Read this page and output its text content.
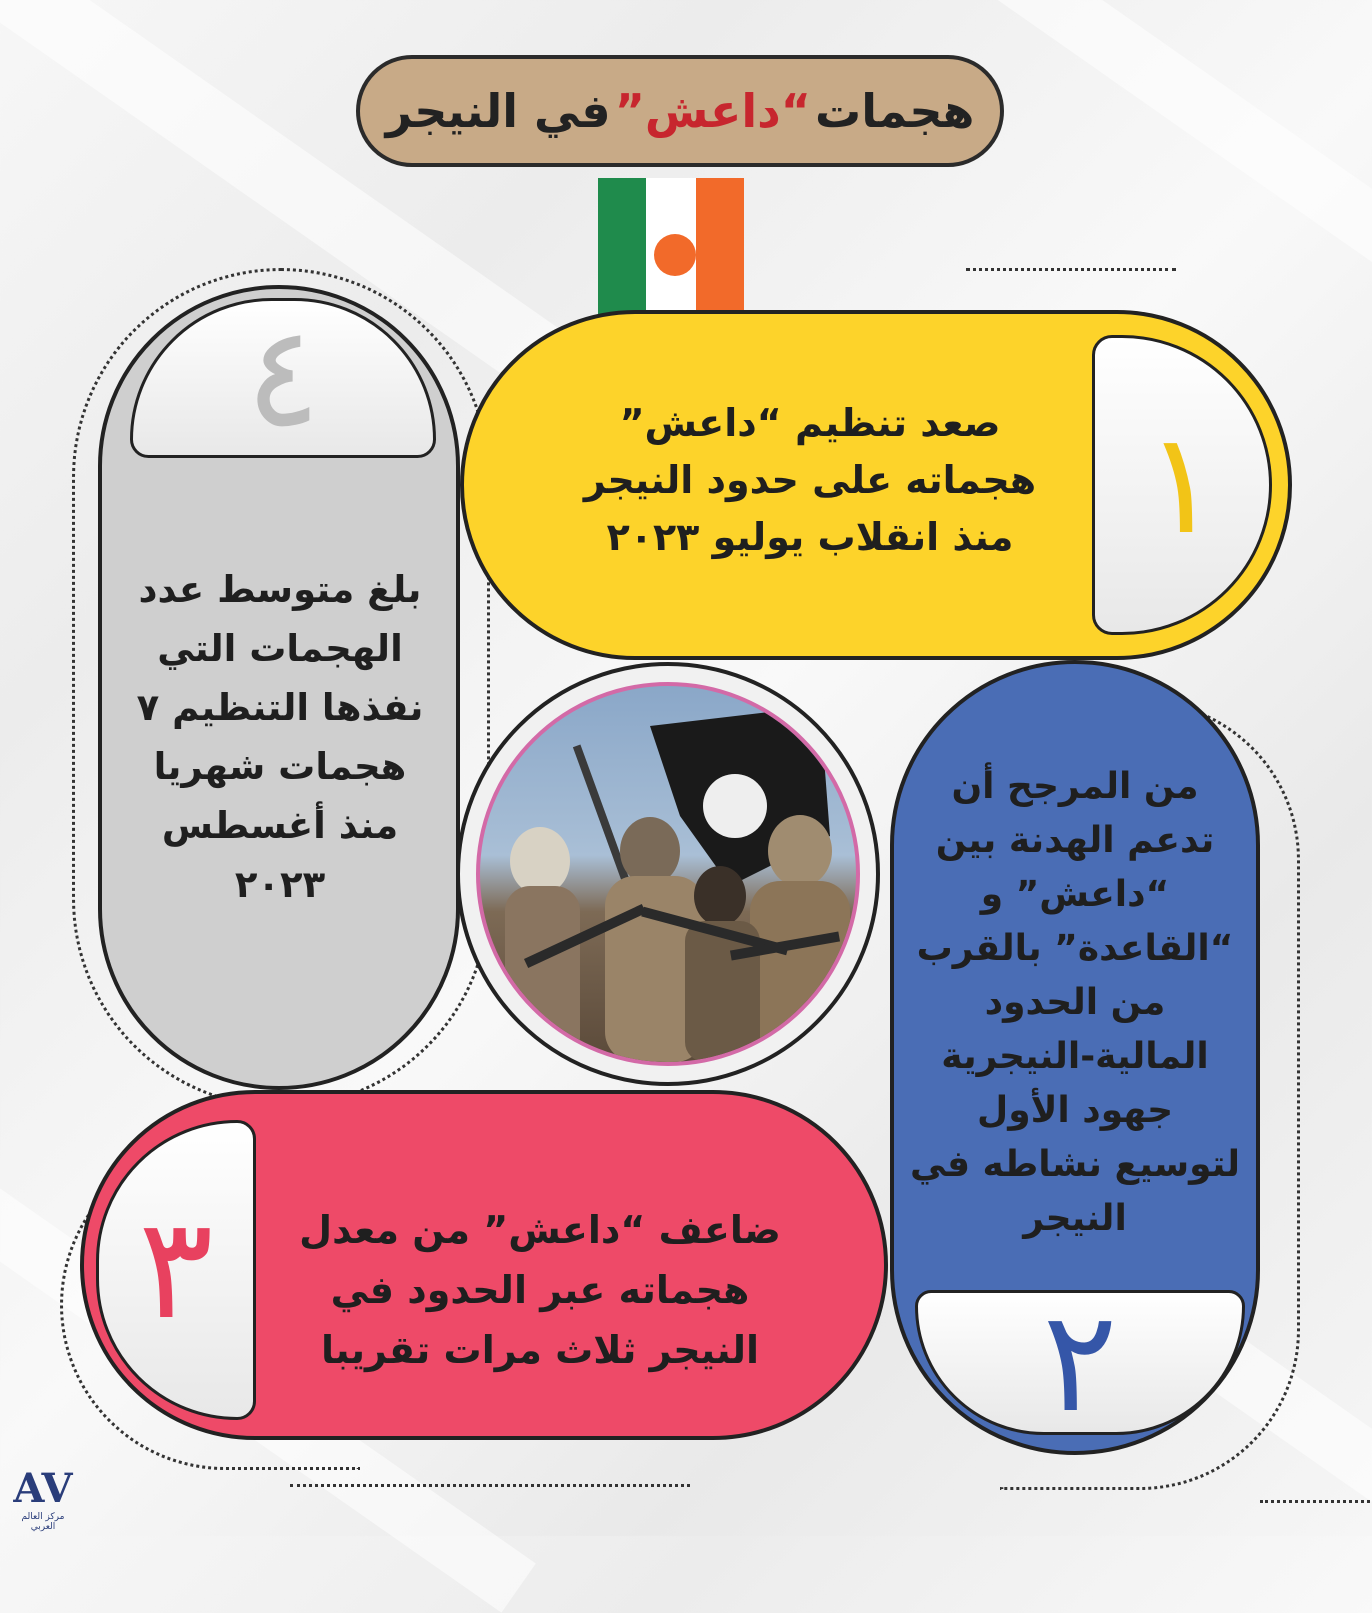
هجمات
“داعش”
في النيجر
٤
١
٢
٣
صعد تنظيم “داعش”
هجماته على حدود النيجر
منذ انقلاب يوليو ٢٠٢٣
بلغ متوسط عدد
الهجمات التي
نفذها التنظيم ٧
هجمات شهريا
منذ أغسطس
٢٠٢٣
من المرجح أن
تدعم الهدنة بين
“داعش” و
“القاعدة” بالقرب
من الحدود
المالية-النيجرية
جهود الأول
لتوسيع نشاطه في
النيجر
ضاعف “داعش” من معدل
هجماته عبر الحدود في
النيجر ثلاث مرات تقريبا
AV
مركز العالم العربي
